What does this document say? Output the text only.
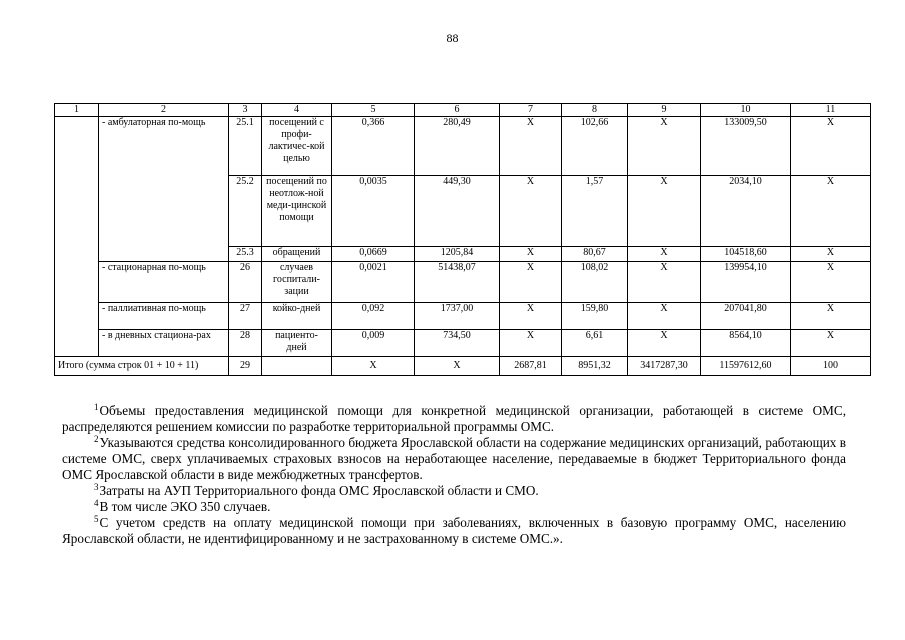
88
1	2	3	4	5	6	7	8	9	10	11
	- амбулаторная по-мощь	25.1	посещений с профи-лактичес-кой целью	0,366	280,49	Х	102,66	Х	133009,50	Х
		25.2	посещений по неотлож-ной меди-цинской помощи	0,0035	449,30	Х	1,57	Х	2034,10	Х
		25.3	обращений	0,0669	1205,84	Х	80,67	Х	104518,60	Х
	- стационарная по-мощь	26	случаев госпитали-зации	0,0021	51438,07	Х	108,02	Х	139954,10	Х
	- паллиативная по-мощь	27	койко-дней	0,092	1737,00	Х	159,80	Х	207041,80	Х
	- в дневных стациона-рах	28	пациенто-дней	0,009	734,50	Х	6,61	Х	8564,10	Х
Итого (сумма строк 01 + 10 + 11)		29		Х	Х	2687,81	8951,32	3417287,30	11597612,60	100

$^1$Объемы предоставления медицинской помощи для конкретной медицинской организации, работающей в системе ОМС, распределяются решением комиссии по разработке территориальной программы ОМС.

$^2$Указываются средства консолидированного бюджета Ярославской области на содержание медицинских организаций, работающих в системе ОМС, сверх уплачиваемых страховых взносов на неработающее население, передаваемые в бюджет Территориального фонда ОМС Ярославской области в виде межбюджетных трансфертов.

$^3$Затраты на АУП Территориального фонда ОМС Ярославской области и СМО.

$^4$В том числе ЭКО 350 случаев.

$^5$С учетом средств на оплату медицинской помощи при заболеваниях, включенных в базовую программу ОМС, населению Ярославской области, не идентифицированному и не застрахованному в системе ОМС.».
